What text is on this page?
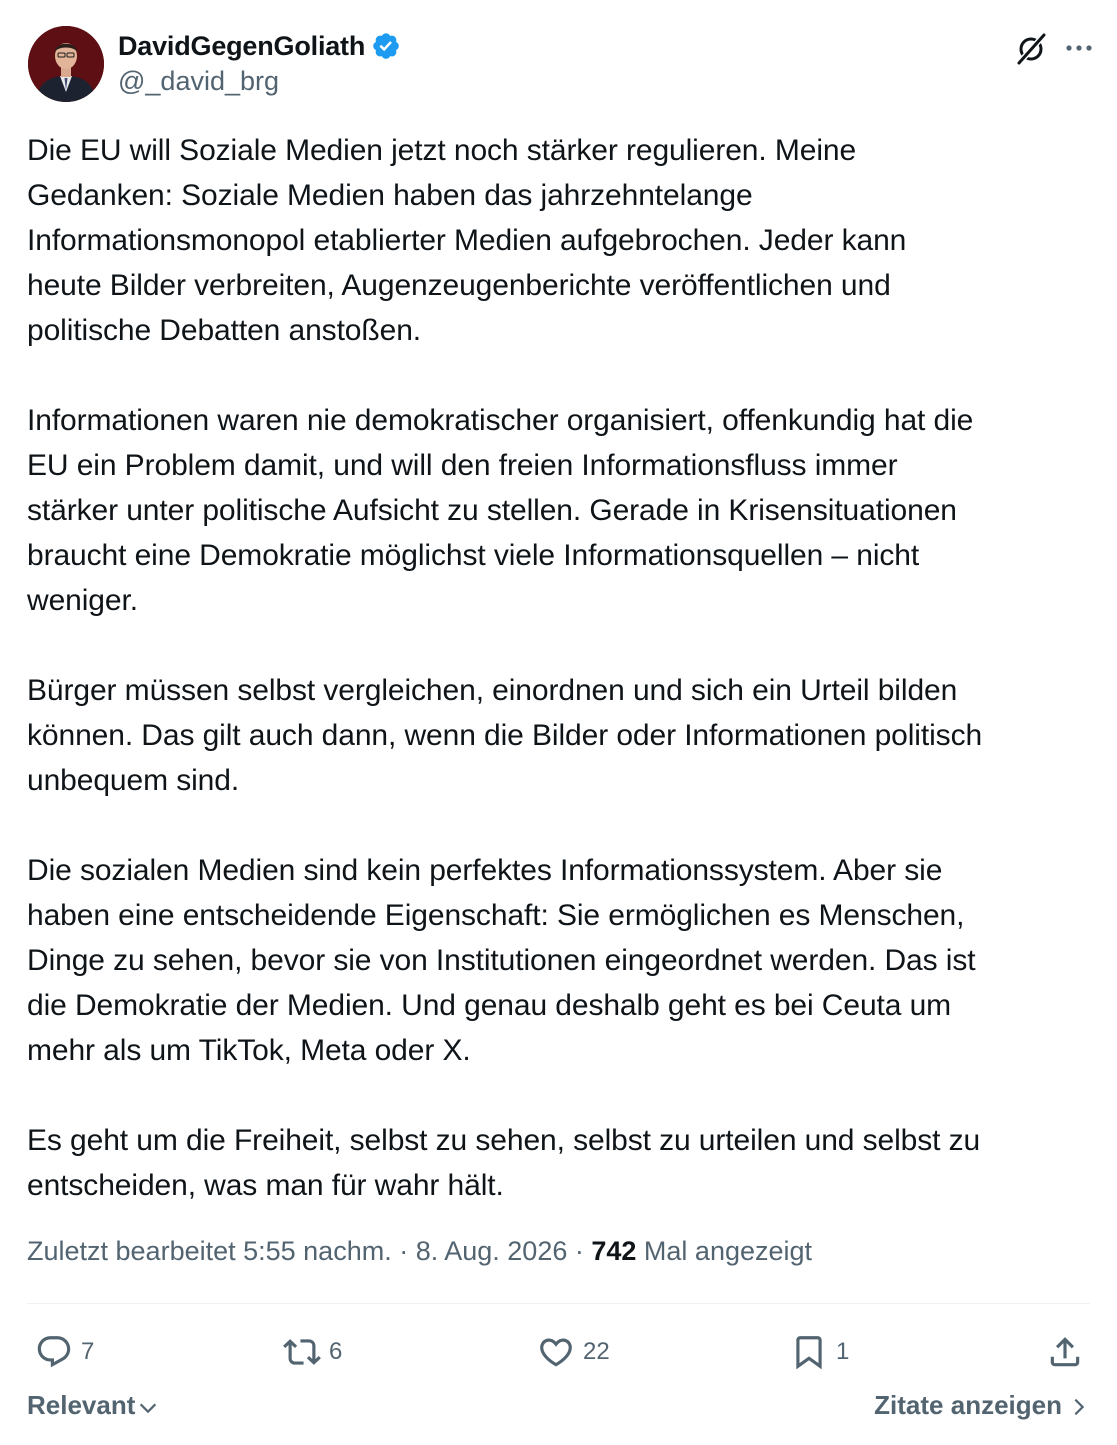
DavidGegenGoliath
@_david_brg
Die EU will Soziale Medien jetzt noch stärker regulieren. Meine
Gedanken: Soziale Medien haben das jahrzehntelange
Informationsmonopol etablierter Medien aufgebrochen. Jeder kann
heute Bilder verbreiten, Augenzeugenberichte veröffentlichen und
politische Debatten anstoßen.

Informationen waren nie demokratischer organisiert, offenkundig hat die
EU ein Problem damit, und will den freien Informationsfluss immer
stärker unter politische Aufsicht zu stellen. Gerade in Krisensituationen
braucht eine Demokratie möglichst viele Informationsquellen – nicht
weniger.

Bürger müssen selbst vergleichen, einordnen und sich ein Urteil bilden
können. Das gilt auch dann, wenn die Bilder oder Informationen politisch
unbequem sind.

Die sozialen Medien sind kein perfektes Informationssystem. Aber sie
haben eine entscheidende Eigenschaft: Sie ermöglichen es Menschen,
Dinge zu sehen, bevor sie von Institutionen eingeordnet werden. Das ist
die Demokratie der Medien. Und genau deshalb geht es bei Ceuta um
mehr als um TikTok, Meta oder X.

Es geht um die Freiheit, selbst zu sehen, selbst zu urteilen und selbst zu
entscheiden, was man für wahr hält.
Zuletzt bearbeitet 5:55 nachm. · 8. Aug. 2026 · 742 Mal angezeigt
7	6	22	1
Relevant	Zitate anzeigen
